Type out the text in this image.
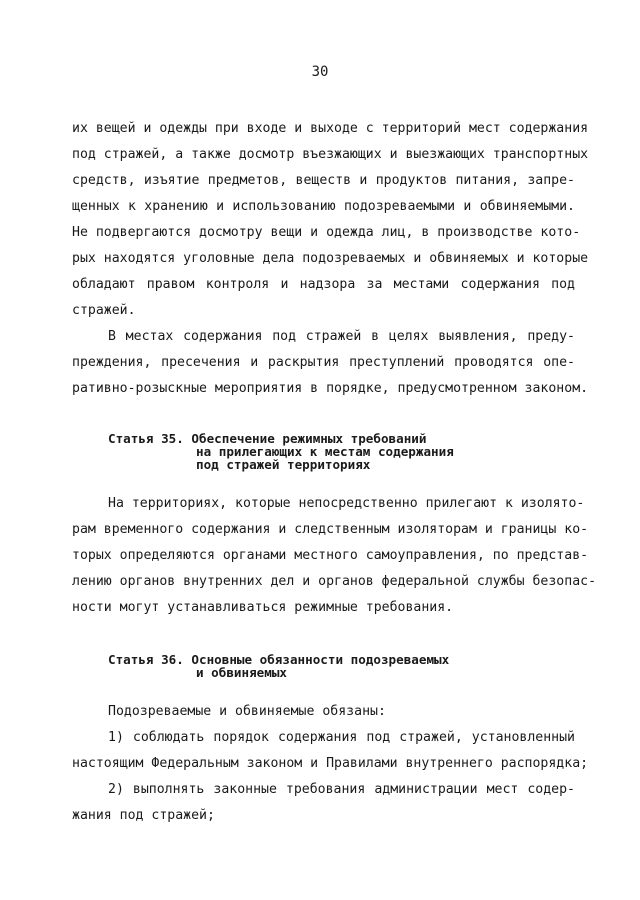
30
их вещей и одежды при входе и выходе с территорий мест содержания
под стражей, а также досмотр въезжающих и выезжающих транспортных
средств, изъятие предметов, веществ и продуктов питания, запре-
щенных к хранению и использованию подозреваемыми и обвиняемыми.
Не подвергаются досмотру вещи и одежда лиц, в производстве кото-
рых находятся уголовные дела подозреваемых и обвиняемых и которые
обладают правом контроля и надзора за местами содержания под
стражей.
В местах содержания под стражей в целях выявления, преду-
преждения, пресечения и раскрытия преступлений проводятся опе-
ративно-розыскные мероприятия в порядке, предусмотренном законом.
Статья 35. Обеспечение режимных требований
на прилегающих к местам содержания
под стражей территориях
На территориях, которые непосредственно прилегают к изолято-
рам временного содержания и следственным изоляторам и границы ко-
торых определяются органами местного самоуправления, по представ-
лению органов внутренних дел и органов федеральной службы безопас-
ности могут устанавливаться режимные требования.
Статья 36. Основные обязанности подозреваемых
и обвиняемых
Подозреваемые и обвиняемые обязаны:
1) соблюдать порядок содержания под стражей, установленный
настоящим Федеральным законом и Правилами внутреннего распорядка;
2) выполнять законные требования администрации мест содер-
жания под стражей;
